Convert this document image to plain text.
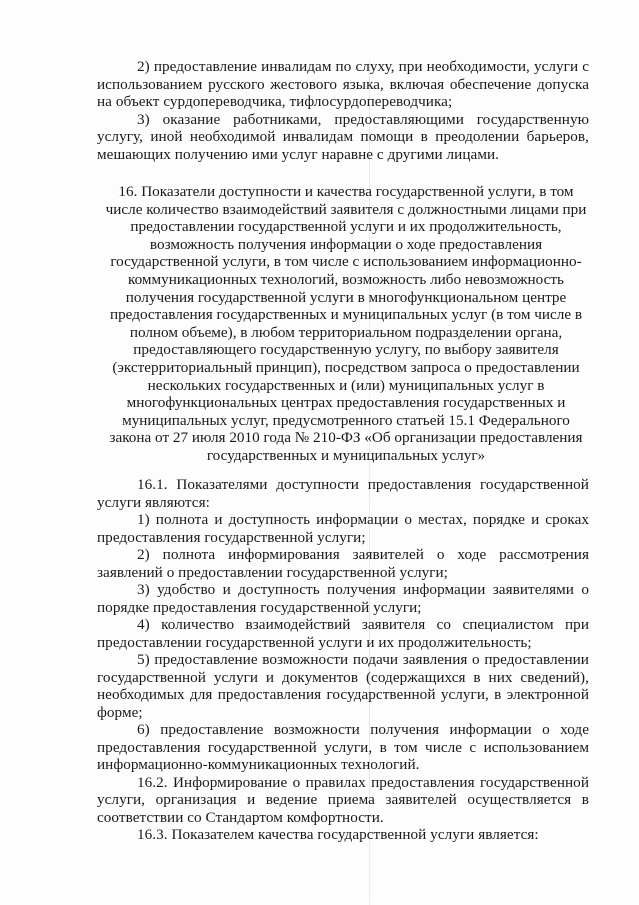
2) предоставление инвалидам по слуху, при необходимости, услуги с использованием русского жестового языка, включая обеспечение допуска на объект сурдопереводчика, тифлосурдопереводчика;

3) оказание работниками, предоставляющими государственную услугу, иной необходимой инвалидам помощи в преодолении барьеров, мешающих получению ими услуг наравне с другими лицами.

16. Показатели доступности и качества государственной услуги, в том числе количество взаимодействий заявителя с должностными лицами при предоставлении государственной услуги и их продолжительность, возможность получения информации о ходе предоставления государственной услуги, в том числе с использованием информационно-коммуникационных технологий, возможность либо невозможность получения государственной услуги в многофункциональном центре предоставления государственных и муниципальных услуг (в том числе в полном объеме), в любом территориальном подразделении органа, предоставляющего государственную услугу, по выбору заявителя (экстерриториальный принцип), посредством запроса о предоставлении нескольких государственных и (или) муниципальных услуг в многофункциональных центрах предоставления государственных и муниципальных услуг, предусмотренного статьей 15.1 Федерального закона от 27 июля 2010 года № 210-ФЗ «Об организации предоставления государственных и муниципальных услуг»

16.1. Показателями доступности предоставления государственной услуги являются:

1) полнота и доступность информации о местах, порядке и сроках предоставления государственной услуги;

2) полнота информирования заявителей о ходе рассмотрения заявлений о предоставлении государственной услуги;

3) удобство и доступность получения информации заявителями о порядке предоставления государственной услуги;

4) количество взаимодействий заявителя со специалистом при предоставлении государственной услуги и их продолжительность;

5) предоставление возможности подачи заявления о предоставлении государственной услуги и документов (содержащихся в них сведений), необходимых для предоставления государственной услуги, в электронной форме;

6) предоставление возможности получения информации о ходе предоставления государственной услуги, в том числе с использованием информационно-коммуникационных технологий.

16.2. Информирование о правилах предоставления государственной услуги, организация и ведение приема заявителей осуществляется в соответствии со Стандартом комфортности.

16.3. Показателем качества государственной услуги является:
